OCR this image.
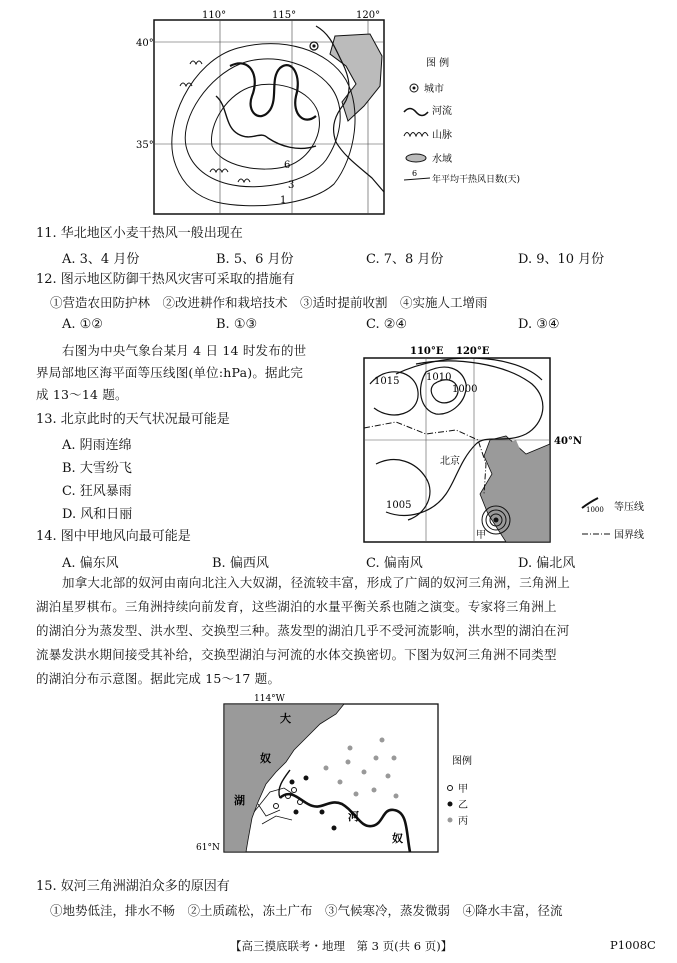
110°	115°	120°
40°
35°
6
3
1
图 例
城市
河流
山脉
水域
6
年平均干热风日数(天)
11. 华北地区小麦干热风一般出现在
A. 3、4 月份	B. 5、6 月份	C. 7、8 月份	D. 9、10 月份
12. 图示地区防御干热风灾害可采取的措施有
①营造农田防护林　②改进耕作和栽培技术　③适时提前收割　④实施人工增雨
A. ①②	B. ①③	C. ②④	D. ③④
右图为中央气象台某月 4 日 14 时发布的世
界局部地区海平面等压线图(单位:hPa)。据此完
成 13～14 题。
13. 北京此时的天气状况最可能是
A. 阴雨连绵
B. 大雪纷飞
C. 狂风暴雨
D. 风和日丽
110°E 120°E
40°N
1015	1010
1000
1005
北京
甲
1000 等压线
国界线
14. 图中甲地风向最可能是
A. 偏东风	B. 偏西风	C. 偏南风	D. 偏北风
加拿大北部的奴河由南向北注入大奴湖，径流较丰富，形成了广阔的奴河三角洲，三角洲上
湖泊星罗棋布。三角洲持续向前发育，这些湖泊的水量平衡关系也随之演变。专家将三角洲上
的湖泊分为蒸发型、洪水型、交换型三种。蒸发型的湖泊几乎不受河流影响，洪水型的湖泊在河
流暴发洪水期间接受其补给，交换型湖泊与河流的水体交换密切。下图为奴河三角洲不同类型
的湖泊分布示意图。据此完成 15～17 题。
114°W
大
奴
湖
河
奴
61°N
图例
甲
乙
丙
15. 奴河三角洲湖泊众多的原因有
①地势低洼，排水不畅　②土质疏松，冻土广布　③气候寒冷，蒸发微弱　④降水丰富，径流
【高三摸底联考・地理　第 3 页(共 6 页)】	P1008C
